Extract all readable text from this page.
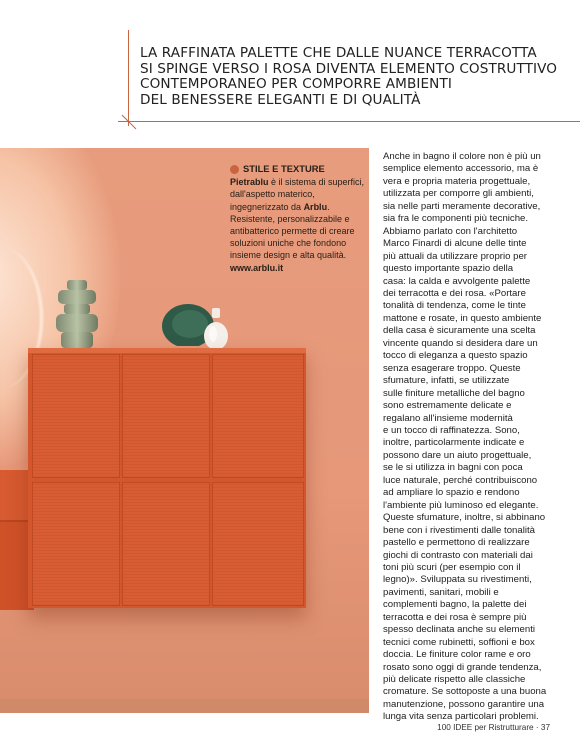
LA RAFFINATA PALETTE CHE DALLE NUANCE TERRACOTTA
SI SPINGE VERSO I ROSA DIVENTA ELEMENTO COSTRUTTIVO
CONTEMPORANEO PER COMPORRE AMBIENTI
DEL BENESSERE ELEGANTI E DI QUALITÀ
STILE E TEXTURE
Pietrablu è il sistema di superfici, dall'aspetto materico, ingegnerizzato da Arblu. Resistente, personalizzabile e antibatterico permette di creare soluzioni uniche che fondono insieme design e alta qualità.
www.arblu.it
Anche in bagno il colore non è più un
semplice elemento accessorio, ma è
vera e propria materia progettuale,
utilizzata per comporre gli ambienti,
sia nelle parti meramente decorative,
sia fra le componenti più tecniche.
Abbiamo parlato con l'architetto
Marco Finardi di alcune delle tinte
più attuali da utilizzare proprio per
questo importante spazio della
casa: la calda e avvolgente palette
dei terracotta e dei rosa. «Portare
tonalità di tendenza, come le tinte
mattone e rosate, in questo ambiente
della casa è sicuramente una scelta
vincente quando si desidera dare un
tocco di eleganza a questo spazio
senza esagerare troppo. Queste
sfumature, infatti, se utilizzate
sulle finiture metalliche del bagno
sono estremamente delicate e
regalano all'insieme modernità
e un tocco di raffinatezza. Sono,
inoltre, particolarmente indicate e
possono dare un aiuto progettuale,
se le si utilizza in bagni con poca
luce naturale, perché contribuiscono
ad ampliare lo spazio e rendono
l'ambiente più luminoso ed elegante.
Queste sfumature, inoltre, si abbinano
bene con i rivestimenti dalle tonalità
pastello e permettono di realizzare
giochi di contrasto con materiali dai
toni più scuri (per esempio con il
legno)». Sviluppata su rivestimenti,
pavimenti, sanitari, mobili e
complementi bagno, la palette dei
terracotta e dei rosa è sempre più
spesso declinata anche su elementi
tecnici come rubinetti, soffioni e box
doccia. Le finiture color rame e oro
rosato sono oggi di grande tendenza,
più delicate rispetto alle classiche
cromature. Se sottoposte a una buona
manutenzione, possono garantire una
lunga vita senza particolari problemi.
100 IDEE per Ristrutturare · 37
